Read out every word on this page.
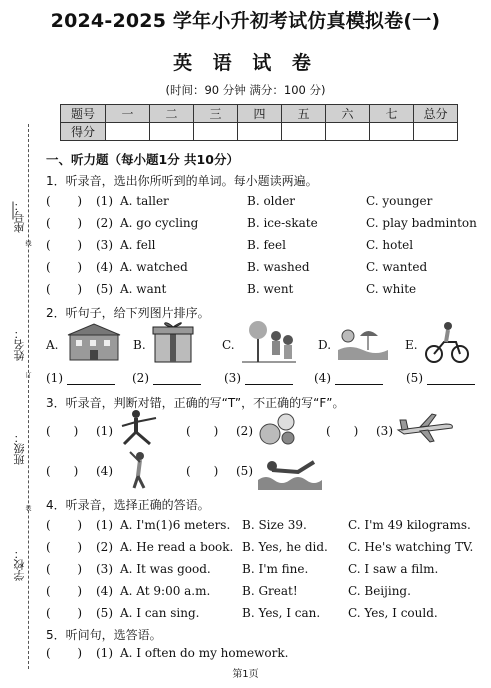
2024-2025 学年小升初考试仿真模拟卷(一)
英 语 试 卷
(时间：90 分钟 满分：100 分)
题号	一	二	三	四	五	六	七	总分
得分								
座号：
姓名：
班级：
学校：
线
订
装
一、听力题（每小题1分 共10分）
1．听录音，选出你所听到的单词。每小题读两遍。
(       ) (1) A. taller	B. older	C. younger
(       ) (2) A. go cycling	B. ice-skate	C. play badminton
(       ) (3) A. fell	B. feel	C. hotel
(       ) (4) A. watched	B. washed	C. wanted
(       ) (5) A. want	B. went	C. white
2．听句子，给下列图片排序。
A.	B.	C.	D.	E.
(1)	(2)	(3)	(4)	(5)
3．听录音，判断对错，正确的写“T”，不正确的写“F”。
(      ) (1)	(      ) (2)	(      ) (3)
(      ) (4)	(      ) (5)
4．听录音，选择正确的答语。
(       ) (1) A. I'm(1)6 meters. B. Size 39.	C. I'm 49 kilograms.
(       ) (2) A. He read a book. B. Yes, he did. C. He's watching TV.
(       ) (3) A. It was good.	B. I'm fine.	C. I saw a film.
(       ) (4) A. At 9:00 a.m.	B. Great!	C. Beijing.
(       ) (5) A. I can sing.	B. Yes, I can. C. Yes, I could.
5．听问句，选答语。
(       ) (1) A. I often do my homework.
第1页
